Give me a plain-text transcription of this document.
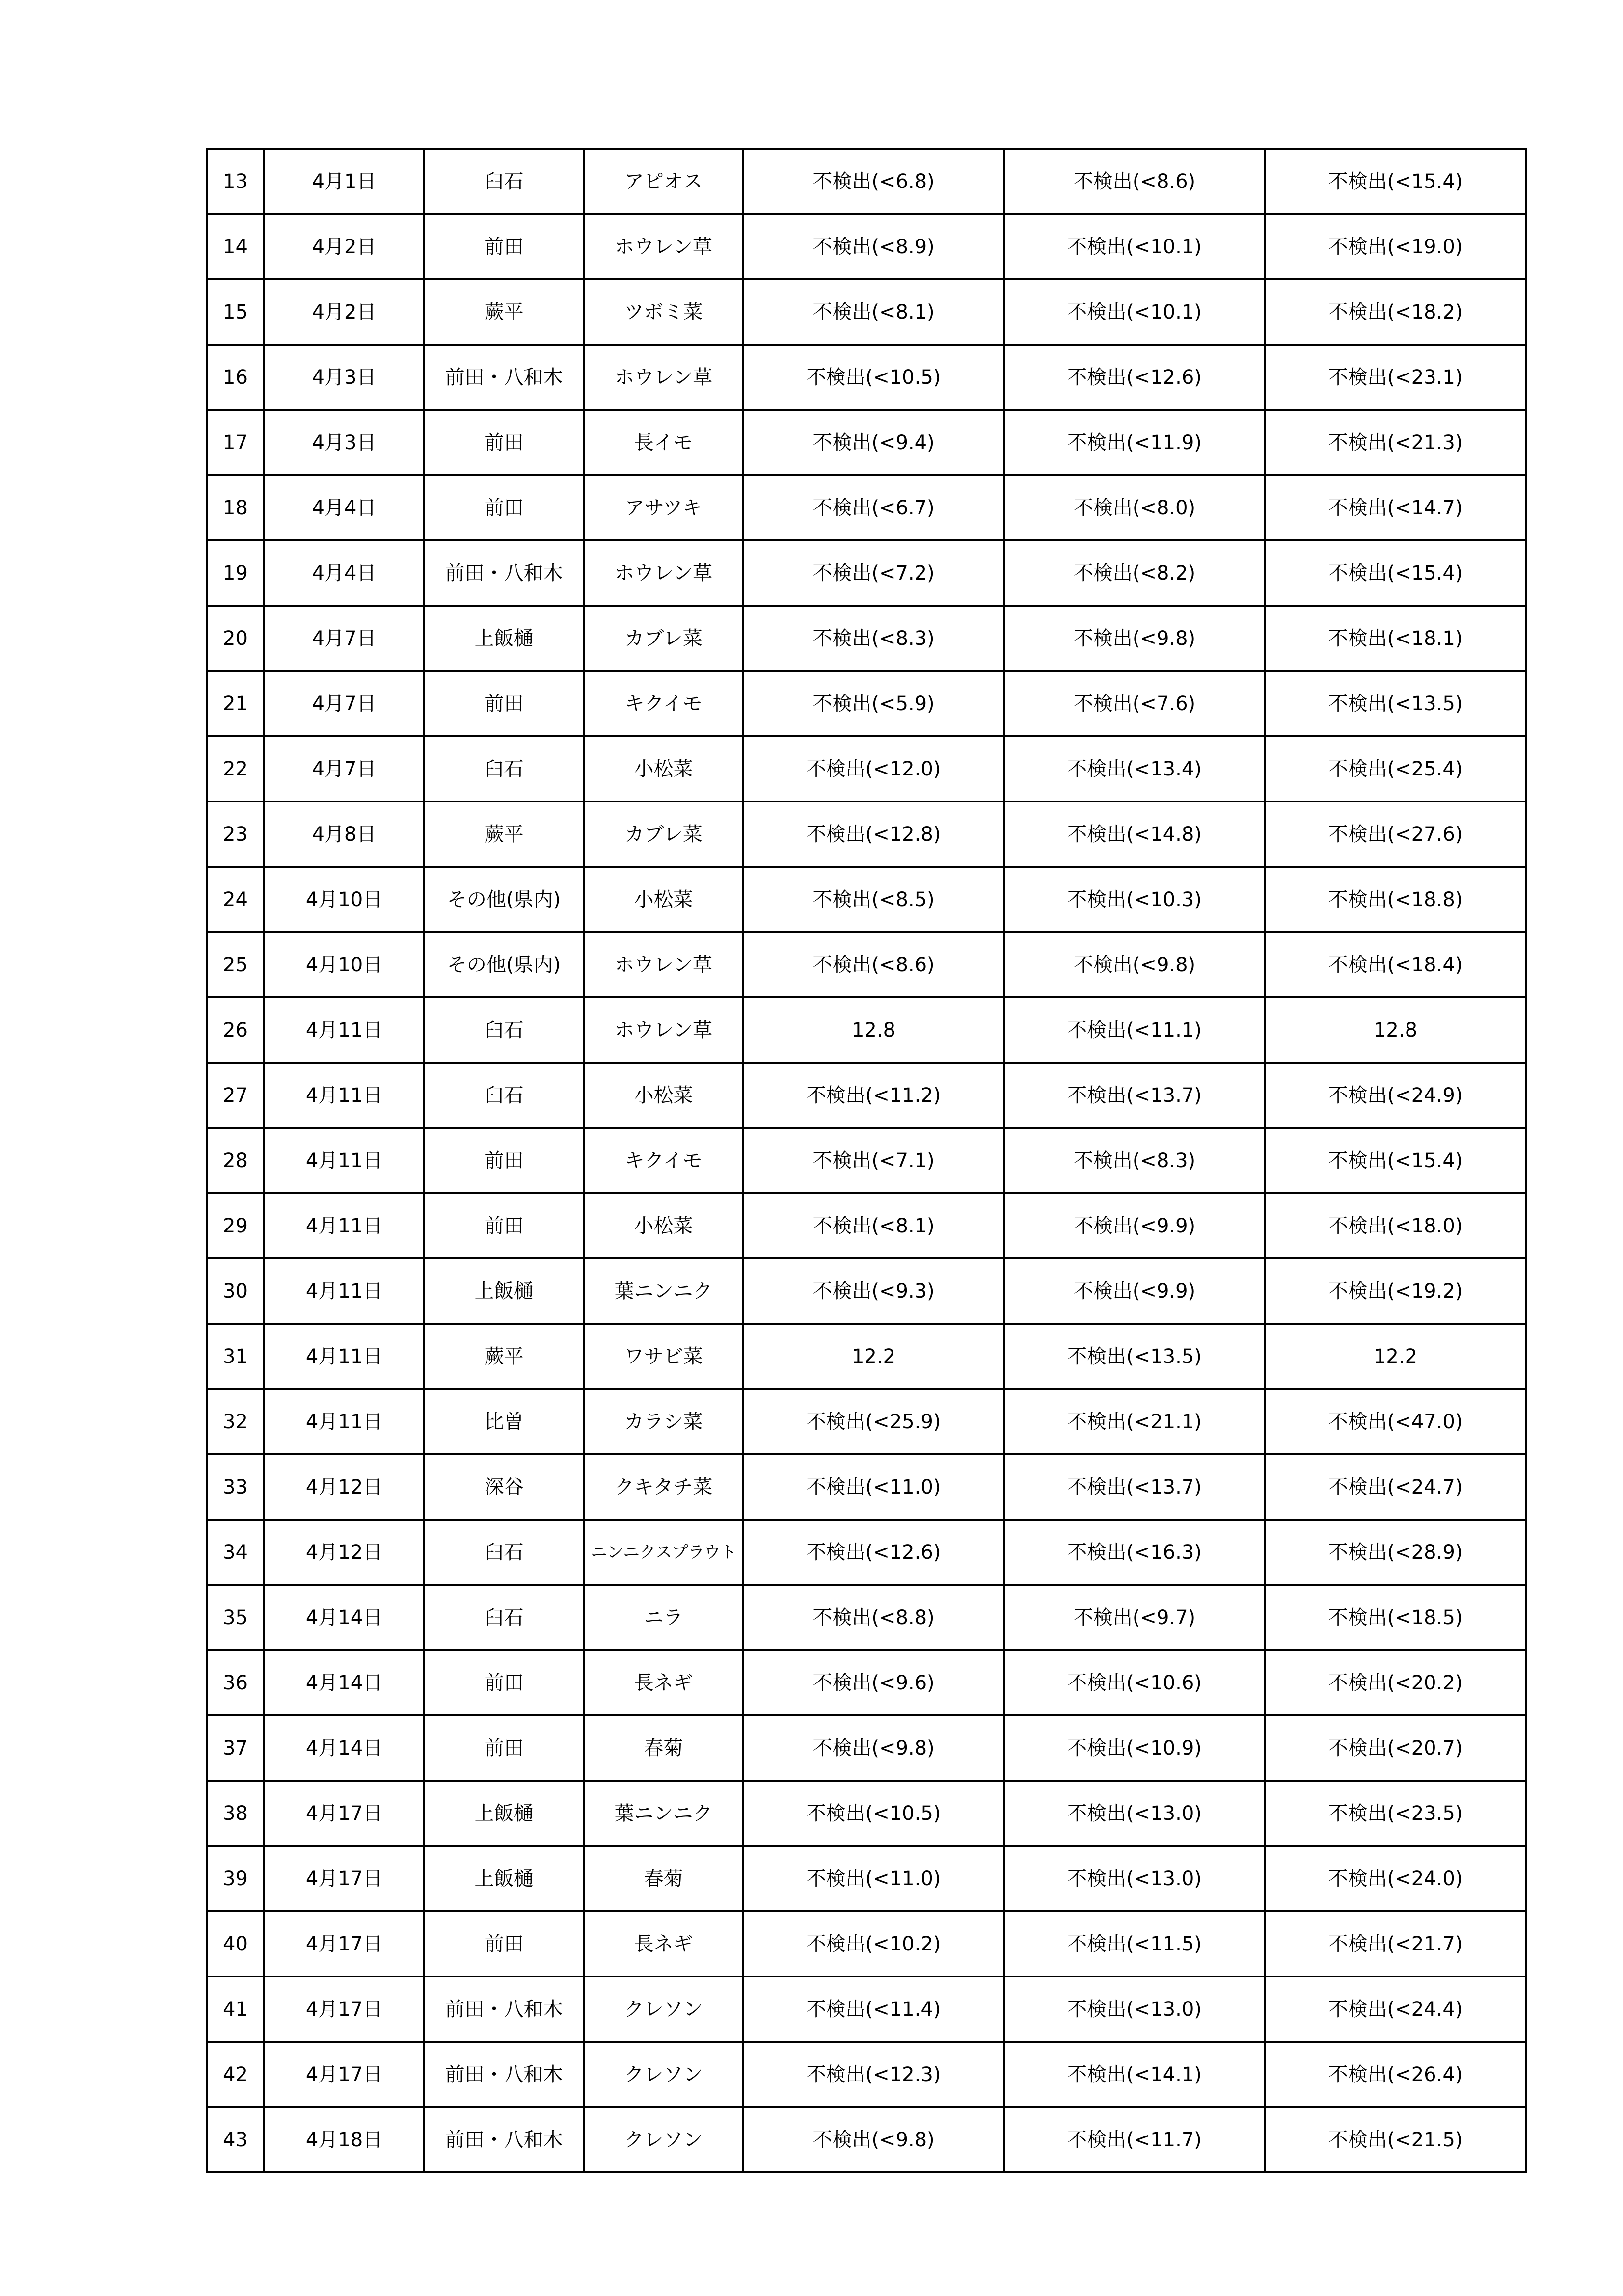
13	4月1日	臼石	アピオス	不検出(<6.8)	不検出(<8.6)	不検出(<15.4)
14	4月2日	前田	ホウレン草	不検出(<8.9)	不検出(<10.1)	不検出(<19.0)
15	4月2日	蕨平	ツボミ菜	不検出(<8.1)	不検出(<10.1)	不検出(<18.2)
16	4月3日	前田・八和木	ホウレン草	不検出(<10.5)	不検出(<12.6)	不検出(<23.1)
17	4月3日	前田	長イモ	不検出(<9.4)	不検出(<11.9)	不検出(<21.3)
18	4月4日	前田	アサツキ	不検出(<6.7)	不検出(<8.0)	不検出(<14.7)
19	4月4日	前田・八和木	ホウレン草	不検出(<7.2)	不検出(<8.2)	不検出(<15.4)
20	4月7日	上飯樋	カブレ菜	不検出(<8.3)	不検出(<9.8)	不検出(<18.1)
21	4月7日	前田	キクイモ	不検出(<5.9)	不検出(<7.6)	不検出(<13.5)
22	4月7日	臼石	小松菜	不検出(<12.0)	不検出(<13.4)	不検出(<25.4)
23	4月8日	蕨平	カブレ菜	不検出(<12.8)	不検出(<14.8)	不検出(<27.6)
24	4月10日	その他(県内)	小松菜	不検出(<8.5)	不検出(<10.3)	不検出(<18.8)
25	4月10日	その他(県内)	ホウレン草	不検出(<8.6)	不検出(<9.8)	不検出(<18.4)
26	4月11日	臼石	ホウレン草	12.8	不検出(<11.1)	12.8
27	4月11日	臼石	小松菜	不検出(<11.2)	不検出(<13.7)	不検出(<24.9)
28	4月11日	前田	キクイモ	不検出(<7.1)	不検出(<8.3)	不検出(<15.4)
29	4月11日	前田	小松菜	不検出(<8.1)	不検出(<9.9)	不検出(<18.0)
30	4月11日	上飯樋	葉ニンニク	不検出(<9.3)	不検出(<9.9)	不検出(<19.2)
31	4月11日	蕨平	ワサビ菜	12.2	不検出(<13.5)	12.2
32	4月11日	比曽	カラシ菜	不検出(<25.9)	不検出(<21.1)	不検出(<47.0)
33	4月12日	深谷	クキタチ菜	不検出(<11.0)	不検出(<13.7)	不検出(<24.7)
34	4月12日	臼石	ニンニクスプラウト	不検出(<12.6)	不検出(<16.3)	不検出(<28.9)
35	4月14日	臼石	ニラ	不検出(<8.8)	不検出(<9.7)	不検出(<18.5)
36	4月14日	前田	長ネギ	不検出(<9.6)	不検出(<10.6)	不検出(<20.2)
37	4月14日	前田	春菊	不検出(<9.8)	不検出(<10.9)	不検出(<20.7)
38	4月17日	上飯樋	葉ニンニク	不検出(<10.5)	不検出(<13.0)	不検出(<23.5)
39	4月17日	上飯樋	春菊	不検出(<11.0)	不検出(<13.0)	不検出(<24.0)
40	4月17日	前田	長ネギ	不検出(<10.2)	不検出(<11.5)	不検出(<21.7)
41	4月17日	前田・八和木	クレソン	不検出(<11.4)	不検出(<13.0)	不検出(<24.4)
42	4月17日	前田・八和木	クレソン	不検出(<12.3)	不検出(<14.1)	不検出(<26.4)
43	4月18日	前田・八和木	クレソン	不検出(<9.8)	不検出(<11.7)	不検出(<21.5)
